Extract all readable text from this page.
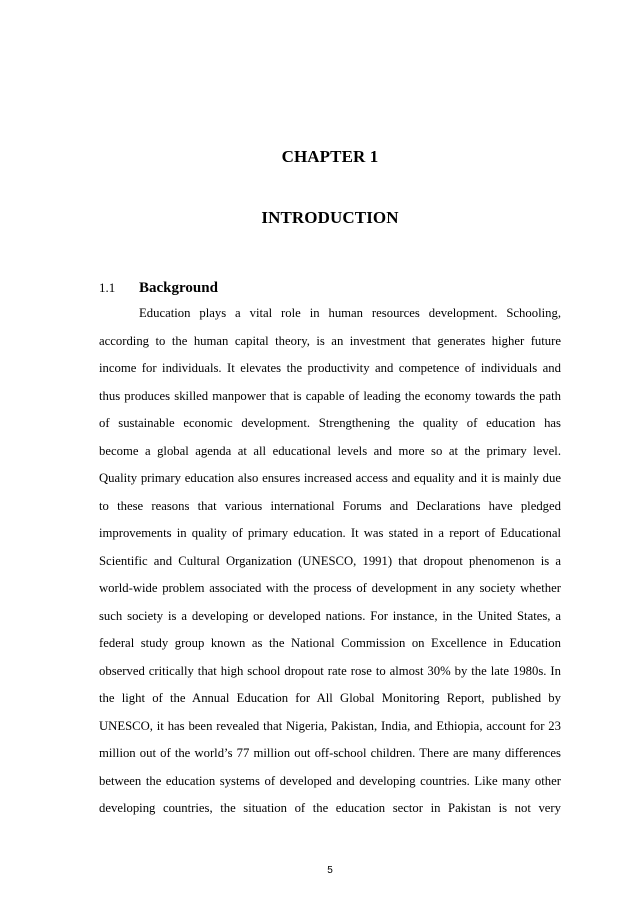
CHAPTER 1
INTRODUCTION
1.1 Background
Education plays a vital role in human resources development. Schooling,
according to the human capital theory, is an investment that generates higher future
income for individuals. It elevates the productivity and competence of individuals and
thus produces skilled manpower that is capable of leading the economy towards the path
of sustainable economic development. Strengthening the quality of education has
become a global agenda at all educational levels and more so at the primary level.
Quality primary education also ensures increased access and equality and it is mainly due
to these reasons that various international Forums and Declarations have pledged
improvements in quality of primary education. It was stated in a report of Educational
Scientific and Cultural Organization (UNESCO, 1991) that dropout phenomenon is a
world-wide problem associated with the process of development in any society whether
such society is a developing or developed nations. For instance, in the United States, a
federal study group known as the National Commission on Excellence in Education
observed critically that high school dropout rate rose to almost 30% by the late 1980s. In
the light of the Annual Education for All Global Monitoring Report, published by
UNESCO, it has been revealed that Nigeria, Pakistan, India, and Ethiopia, account for 23
million out of the world’s 77 million out off-school children. There are many differences
between the education systems of developed and developing countries. Like many other
developing countries, the situation of the education sector in Pakistan is not very
5
